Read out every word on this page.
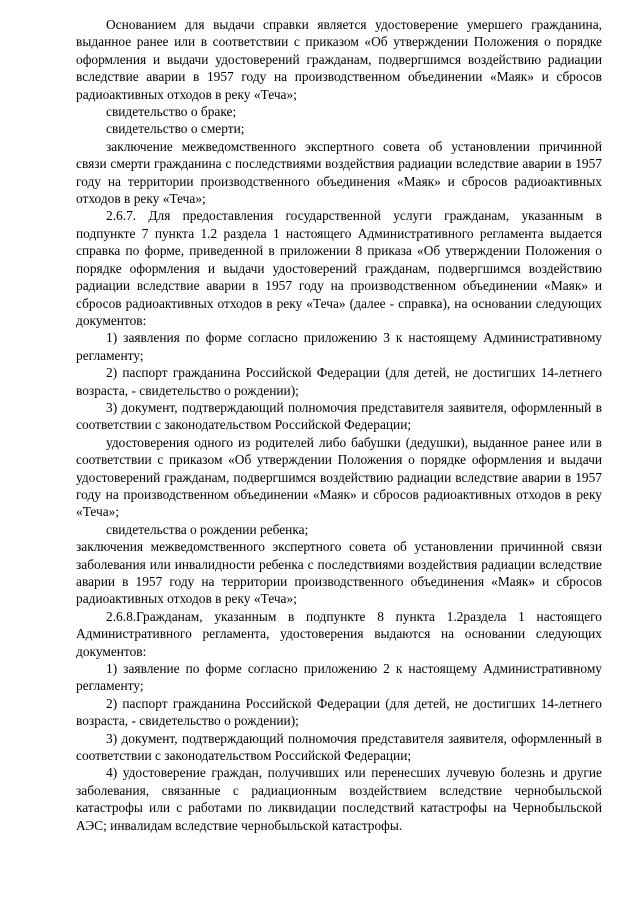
Основанием для выдачи справки является удостоверение умершего гражданина, выданное ранее или в соответствии с приказом «Об утверждении Положения о порядке оформления и выдачи удостоверений гражданам, подвергшимся воздействию радиации вследствие аварии в 1957 году на производственном объединении «Маяк» и сбросов радиоактивных отходов в реку «Теча»;

свидетельство о браке;

свидетельство о смерти;

заключение межведомственного экспертного совета об установлении причинной связи смерти гражданина с последствиями воздействия радиации вследствие аварии в 1957 году на территории производственного объединения «Маяк» и сбросов радиоактивных отходов в реку «Теча»;

2.6.7. Для предоставления государственной услуги гражданам, указанным в подпункте 7 пункта 1.2 раздела 1 настоящего Административного регламента выдается справка по форме, приведенной в приложении 8 приказа «Об утверждении Положения о порядке оформления и выдачи удостоверений гражданам, подвергшимся воздействию радиации вследствие аварии в 1957 году на производственном объединении «Маяк» и сбросов радиоактивных отходов в реку «Теча» (далее - справка), на основании следующих документов:

1) заявления по форме согласно приложению 3 к настоящему Административному регламенту;

2) паспорт гражданина Российской Федерации (для детей, не достигших 14-летнего возраста, - свидетельство о рождении);

3) документ, подтверждающий полномочия представителя заявителя, оформленный в соответствии с законодательством Российской Федерации;

удостоверения одного из родителей либо бабушки (дедушки), выданное ранее или в соответствии с приказом «Об утверждении Положения о порядке оформления и выдачи удостоверений гражданам, подвергшимся воздействию радиации вследствие аварии в 1957 году на производственном объединении «Маяк» и сбросов радиоактивных отходов в реку «Теча»;

свидетельства о рождении ребенка;

заключения межведомственного экспертного совета об установлении причинной связи заболевания или инвалидности ребенка с последствиями воздействия радиации вследствие аварии в 1957 году на территории производственного объединения «Маяк» и сбросов радиоактивных отходов в реку «Теча»;

2.6.8.Гражданам, указанным в подпункте 8 пункта 1.2раздела 1 настоящего Административного регламента, удостоверения выдаются на основании следующих документов:

1) заявление по форме согласно приложению 2 к настоящему Административному регламенту;

2) паспорт гражданина Российской Федерации (для детей, не достигших 14-летнего возраста, - свидетельство о рождении);

3) документ, подтверждающий полномочия представителя заявителя, оформленный в соответствии с законодательством Российской Федерации;

4) удостоверение граждан, получивших или перенесших лучевую болезнь и другие заболевания, связанные с радиационным воздействием вследствие чернобыльской катастрофы или с работами по ликвидации последствий катастрофы на Чернобыльской АЭС; инвалидам вследствие чернобыльской катастрофы.
